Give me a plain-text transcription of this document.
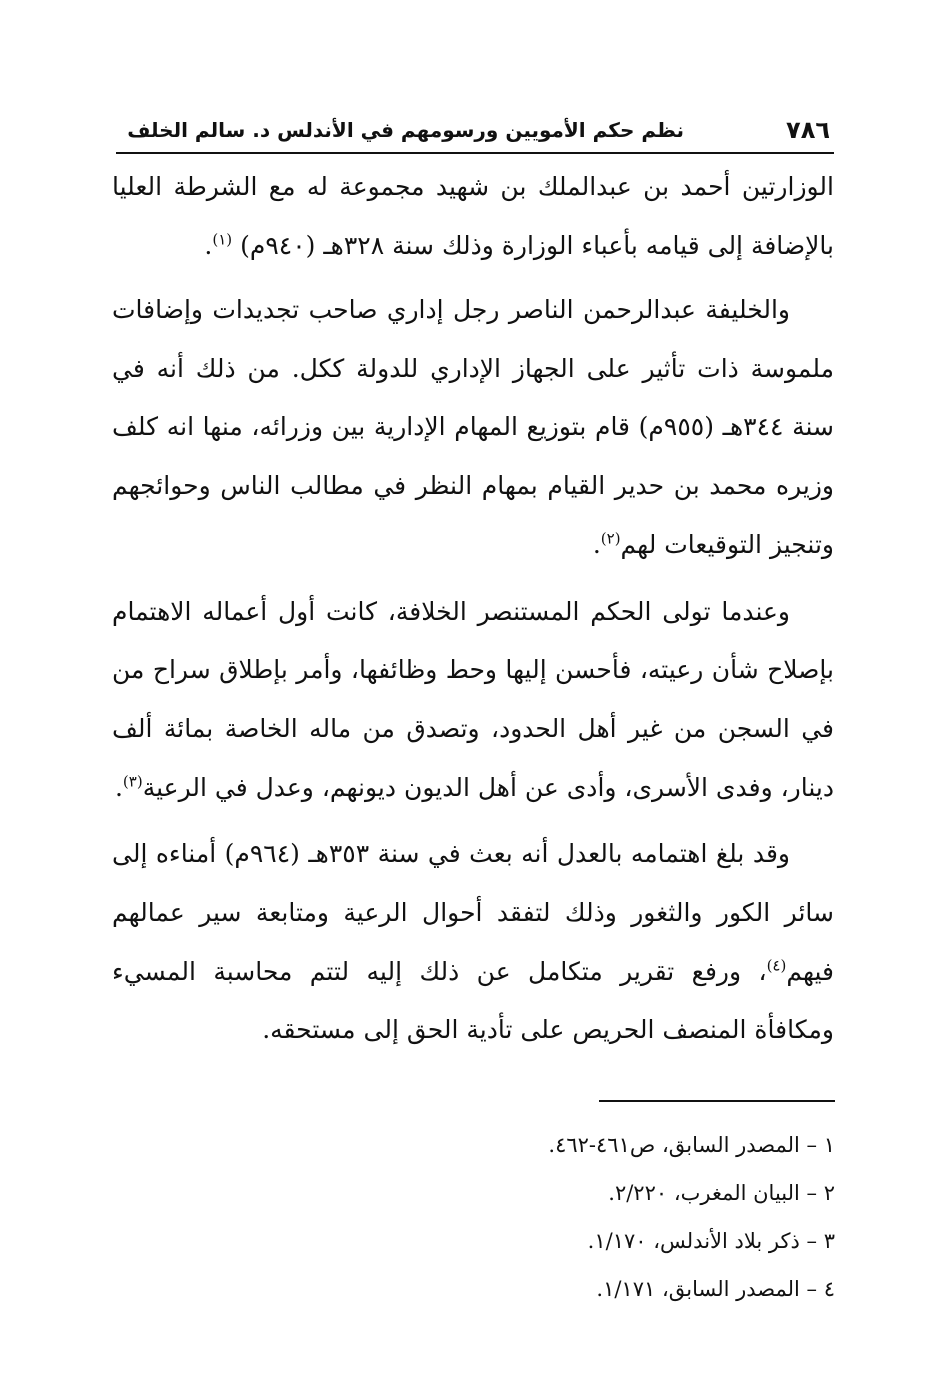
٧٨٦
نظم حكم الأمويين ورسومهم في الأندلس د. سالم الخلف

الوزارتين أحمد بن عبدالملك بن شهيد مجموعة له مع الشرطة العليا بالإضافة إلى قيامه بأعباء الوزارة وذلك سنة ٣٢٨هـ (٩٤٠م) $^{(١)}$.

والخليفة عبدالرحمن الناصر رجل إداري صاحب تجديدات وإضافات ملموسة ذات تأثير على الجهاز الإداري للدولة ككل. من ذلك أنه في سنة ٣٤٤هـ (٩٥٥م) قام بتوزيع المهام الإدارية بين وزرائه، منها انه كلف وزيره محمد بن حدير القيام بمهام النظر في مطالب الناس وحوائجهم وتنجيز التوقيعات لهم$^{(٢)}$.

وعندما تولى الحكم المستنصر الخلافة، كانت أول أعماله الاهتمام بإصلاح شأن رعيته، فأحسن إليها وحط وظائفها، وأمر بإطلاق سراح من في السجن من غير أهل الحدود، وتصدق من ماله الخاصة بمائة ألف دينار، وفدى الأسرى، وأدى عن أهل الديون ديونهم، وعدل في الرعية$^{(٣)}$.

وقد بلغ اهتمامه بالعدل أنه بعث في سنة ٣٥٣هـ (٩٦٤م) أمناءه إلى سائر الكور والثغور وذلك لتفقد أحوال الرعية ومتابعة سير عمالهم فيهم$^{(٤)}$، ورفع تقرير متكامل عن ذلك إليه لتتم محاسبة المسيء ومكافأة المنصف الحريص على تأدية الحق إلى مستحقه.

١ – المصدر السابق، ص٤٦١-٤٦٢.

٢ – البيان المغرب، ٢/٢٢٠.

٣ – ذكر بلاد الأندلس، ١/١٧٠.

٤ – المصدر السابق، ١/١٧١.
